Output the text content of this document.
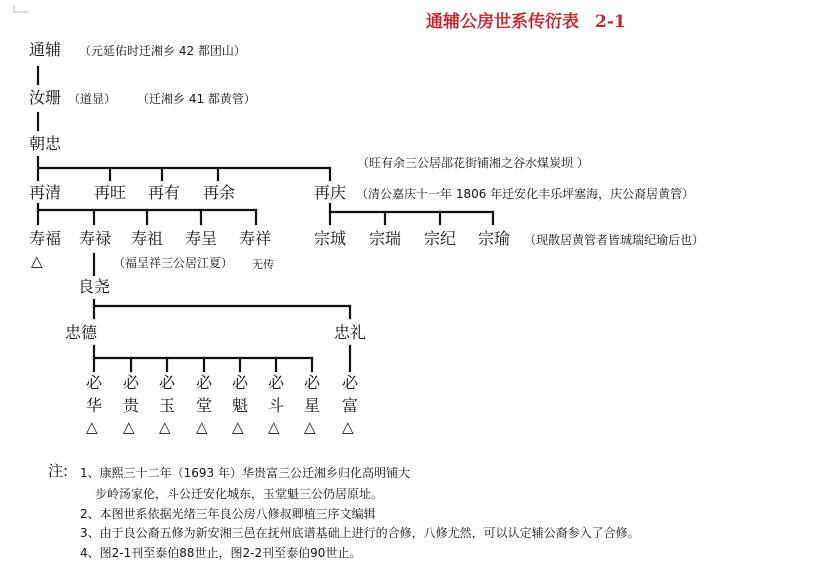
通辅公房世系传衍表 2-1
通辅 （元延佑时迁湘乡 42 都团山）
汝珊 （道显） （迁湘乡 41 都黄管）
朝忠
（旺有余三公居邵花街铺湘之谷水煤炭坝 ）
再清 再旺 再有 再余	再庆 （清公嘉庆十一年 1806 年迁安化丰乐坪塞海，庆公裔居黄管）
寿福 寿禄 寿祖 寿呈 寿祥
△	（福呈祥三公居江夏） 无传
宗珹 宗瑞 宗纪 宗瑜 （现散居黄管者皆珹瑞纪瑜后也）
良尧
忠德	忠礼
必 必 必 必 必 必 必 必
华 贵 玉 堂 魁 斗 星 富
△ △ △ △ △ △ △ △
注: 1、康熙三十二年（1693 年）华贵富三公迁湘乡归化高明铺大
步岭汤家伦，斗公迁安化城东，玉堂魁三公仍居原址。
2、本图世系依据光绪三年良公房八修叔卿植三序文编辑
3、由于良公裔五修为新安湘三邑在抚州底谱基础上进行的合修，八修尤然，可以认定辅公裔参入了合修。
4、图2-1刊至泰伯88世止，图2-2刊至泰伯90世止。
